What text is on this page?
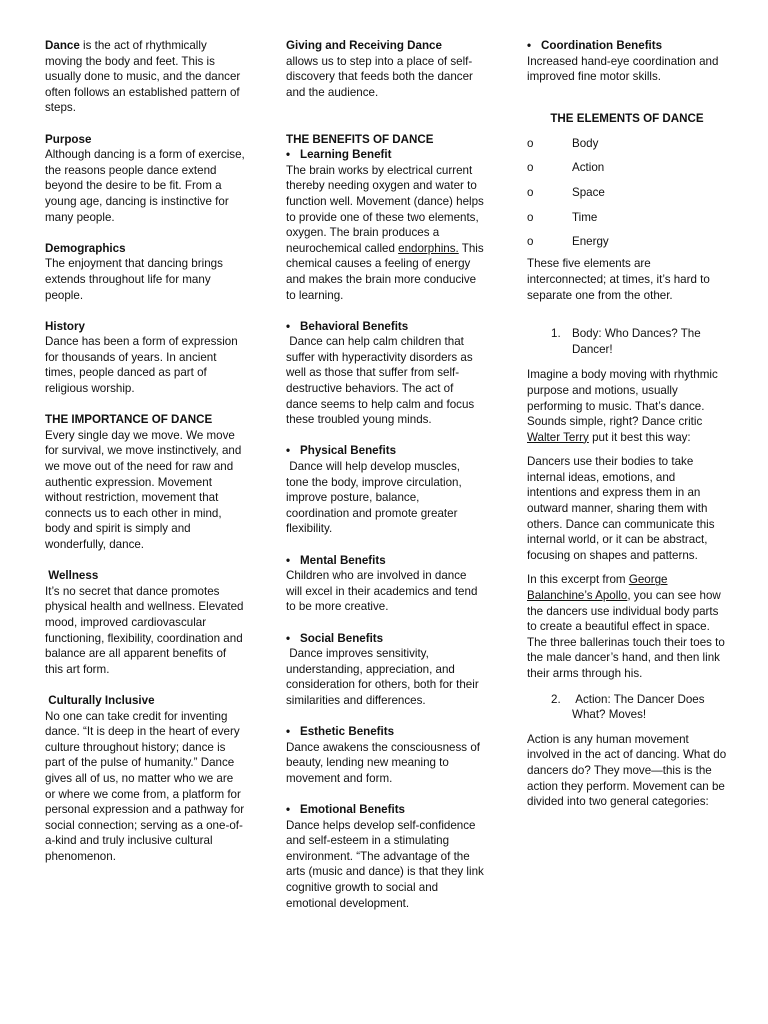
Dance is the act of rhythmically moving the body and feet. This is usually done to music, and the dancer often follows an established pattern of steps.

Purpose

Although dancing is a form of exercise, the reasons people dance extend beyond the desire to be fit. From a young age, dancing is instinctive for many people.

Demographics

The enjoyment that dancing brings extends throughout life for many people.

History

Dance has been a form of expression for thousands of years. In ancient times, people danced as part of religious worship.

THE IMPORTANCE OF DANCE

Every single day we move. We move for survival, we move instinctively, and we move out of the need for raw and authentic expression. Movement without restriction, movement that connects us to each other in mind, body and spirit is simply and wonderfully, dance.

Wellness

It’s no secret that dance promotes physical health and wellness. Elevated mood, improved cardiovascular functioning, flexibility, coordination and balance are all apparent benefits of this art form.

Culturally Inclusive

No one can take credit for inventing dance. “It is deep in the heart of every culture throughout history; dance is part of the pulse of humanity.” Dance gives all of us, no matter who we are or where we come from, a platform for personal expression and a pathway for social connection; serving as a one-of-a-kind and truly inclusive cultural phenomenon.

Giving and Receiving Dance

allows us to step into a place of self-discovery that feeds both the dancer and the audience.

THE BENEFITS OF DANCE

• Learning Benefit

The brain works by electrical current thereby needing oxygen and water to function well. Movement (dance) helps to provide one of these two elements, oxygen. The brain produces a neurochemical called endorphins. This chemical causes a feeling of energy and makes the brain more conducive to learning.

• Behavioral Benefits

Dance can help calm children that suffer with hyperactivity disorders as well as those that suffer from self-destructive behaviors. The act of dance seems to help calm and focus these troubled young minds.

• Physical Benefits

Dance will help develop muscles, tone the body, improve circulation, improve posture, balance, coordination and promote greater flexibility.

• Mental Benefits

Children who are involved in dance will excel in their academics and tend to be more creative.

• Social Benefits

Dance improves sensitivity, understanding, appreciation, and consideration for others, both for their similarities and differences.

• Esthetic Benefits

Dance awakens the consciousness of beauty, lending new meaning to movement and form.

• Emotional Benefits

Dance helps develop self-confidence and self-esteem in a stimulating environment. “The advantage of the arts (music and dance) is that they link cognitive growth to social and emotional development.

• Coordination Benefits

Increased hand-eye coordination and improved fine motor skills.

THE ELEMENTS OF DANCE

o	Body
o	Action
o	Space
o	Time
o	Energy

These five elements are interconnected; at times, it’s hard to separate one from the other.

1. Body: Who Dances? The Dancer!

Imagine a body moving with rhythmic purpose and motions, usually performing to music. That’s dance. Sounds simple, right? Dance critic Walter Terry put it best this way:

Dancers use their bodies to take internal ideas, emotions, and intentions and express them in an outward manner, sharing them with others. Dance can communicate this internal world, or it can be abstract, focusing on shapes and patterns.

In this excerpt from George Balanchine’s Apollo, you can see how the dancers use individual body parts to create a beautiful effect in space. The three ballerinas touch their toes to the male dancer’s hand, and then link their arms through his.

2. Action: The Dancer Does What? Moves!

Action is any human movement involved in the act of dancing. What do dancers do? They move—this is the action they perform. Movement can be divided into two general categories:
